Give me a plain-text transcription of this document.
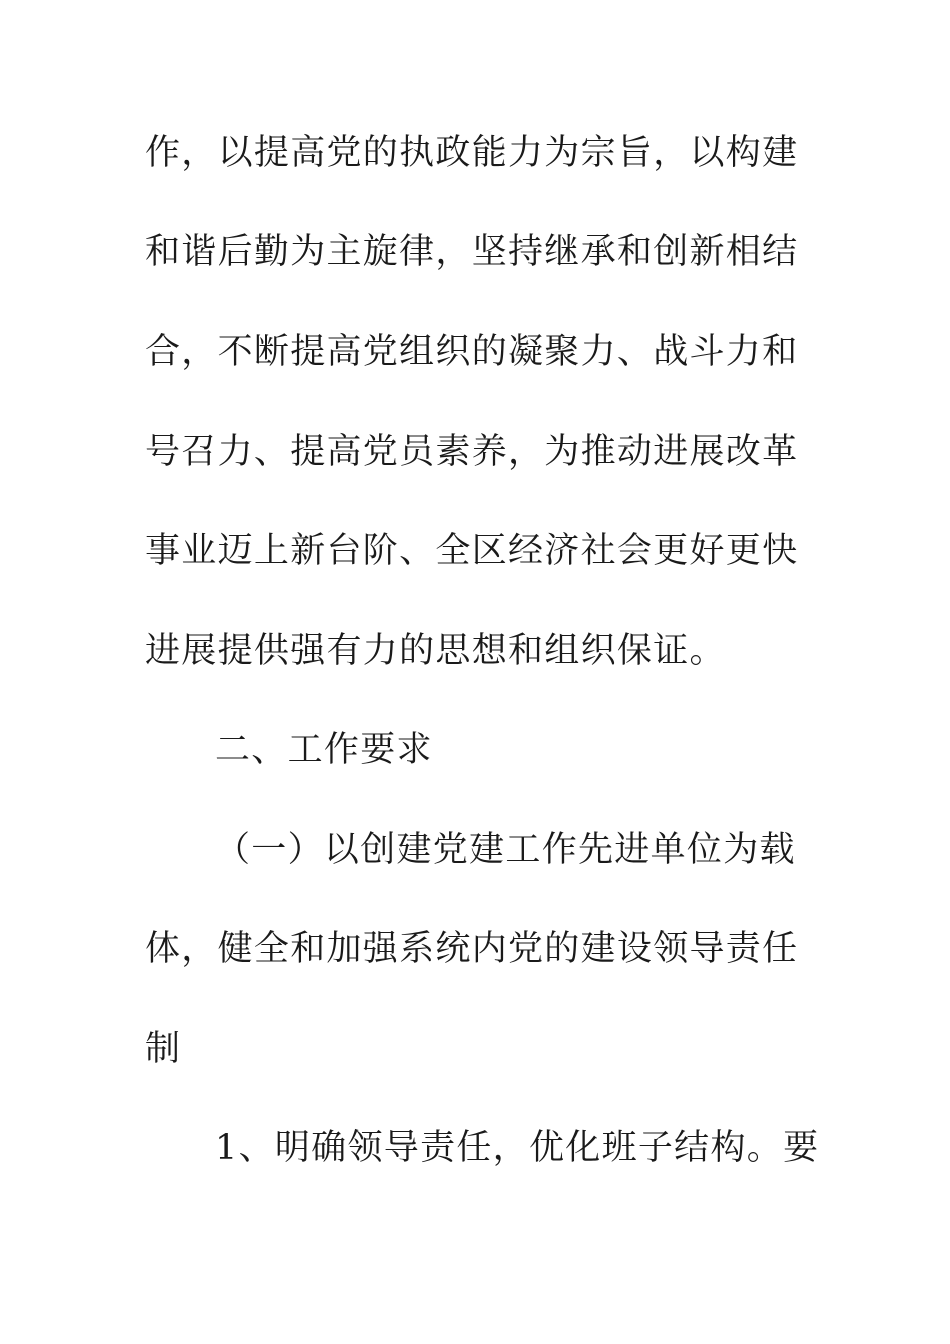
作，以提高党的执政能力为宗旨，以构建
和谐后勤为主旋律，坚持继承和创新相结
合，不断提高党组织的凝聚力、战斗力和
号召力、提高党员素养，为推动进展改革
事业迈上新台阶、全区经济社会更好更快
进展提供强有力的思想和组织保证。
二、工作要求
（一）以创建党建工作先进单位为载
体，健全和加强系统内党的建设领导责任
制
1、明确领导责任，优化班子结构。要
